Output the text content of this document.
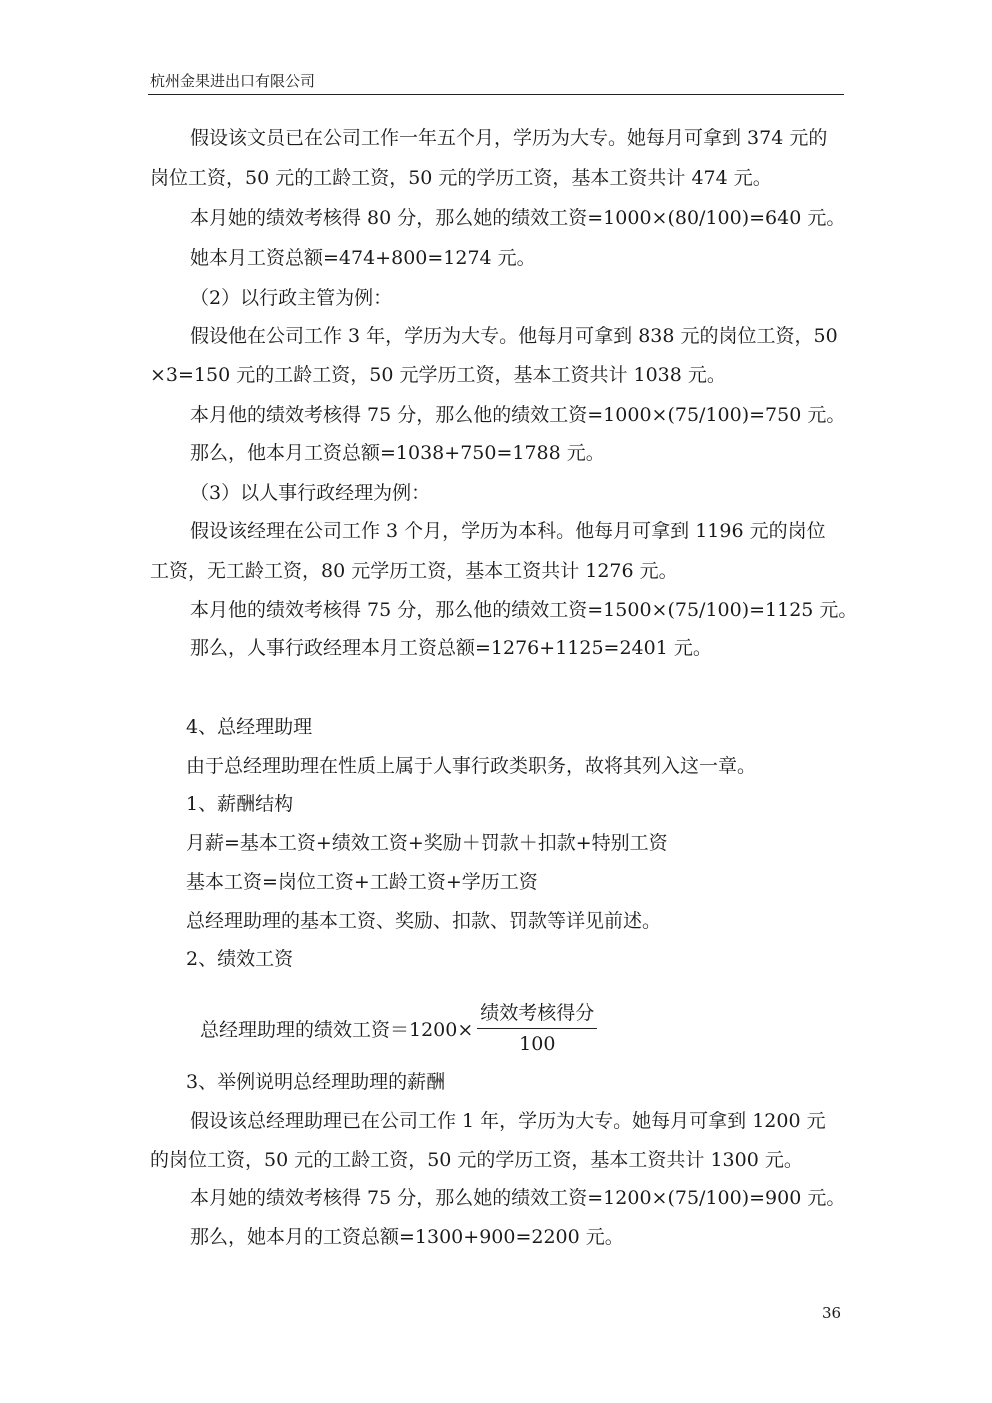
杭州金果进出口有限公司
假设该文员已在公司工作一年五个月，学历为大专。她每月可拿到 374 元的
岗位工资，50 元的工龄工资，50 元的学历工资，基本工资共计 474 元。
本月她的绩效考核得 80 分，那么她的绩效工资=1000×(80/100)=640 元。
她本月工资总额=474+800=1274 元。
（2）以行政主管为例：
假设他在公司工作 3 年，学历为大专。他每月可拿到 838 元的岗位工资，50
×3=150 元的工龄工资，50 元学历工资，基本工资共计 1038 元。
本月他的绩效考核得 75 分，那么他的绩效工资=1000×(75/100)=750 元。
那么，他本月工资总额=1038+750=1788 元。
（3）以人事行政经理为例：
假设该经理在公司工作 3 个月，学历为本科。他每月可拿到 1196 元的岗位
工资，无工龄工资，80 元学历工资，基本工资共计 1276 元。
本月他的绩效考核得 75 分，那么他的绩效工资=1500×(75/100)=1125 元。
那么，人事行政经理本月工资总额=1276+1125=2401 元。
4、总经理助理
由于总经理助理在性质上属于人事行政类职务，故将其列入这一章。
1、薪酬结构
月薪=基本工资+绩效工资+奖励＋罚款＋扣款+特别工资
基本工资=岗位工资+工龄工资+学历工资
总经理助理的基本工资、奖励、扣款、罚款等详见前述。
2、绩效工资
总经理助理的绩效工资$=1200\times \frac{\text{绩效考核得分}}{100}$
3、举例说明总经理助理的薪酬
假设该总经理助理已在公司工作 1 年，学历为大专。她每月可拿到 1200 元
的岗位工资，50 元的工龄工资，50 元的学历工资，基本工资共计 1300 元。
本月她的绩效考核得 75 分，那么她的绩效工资=1200×(75/100)=900 元。
那么，她本月的工资总额=1300+900=2200 元。
36
